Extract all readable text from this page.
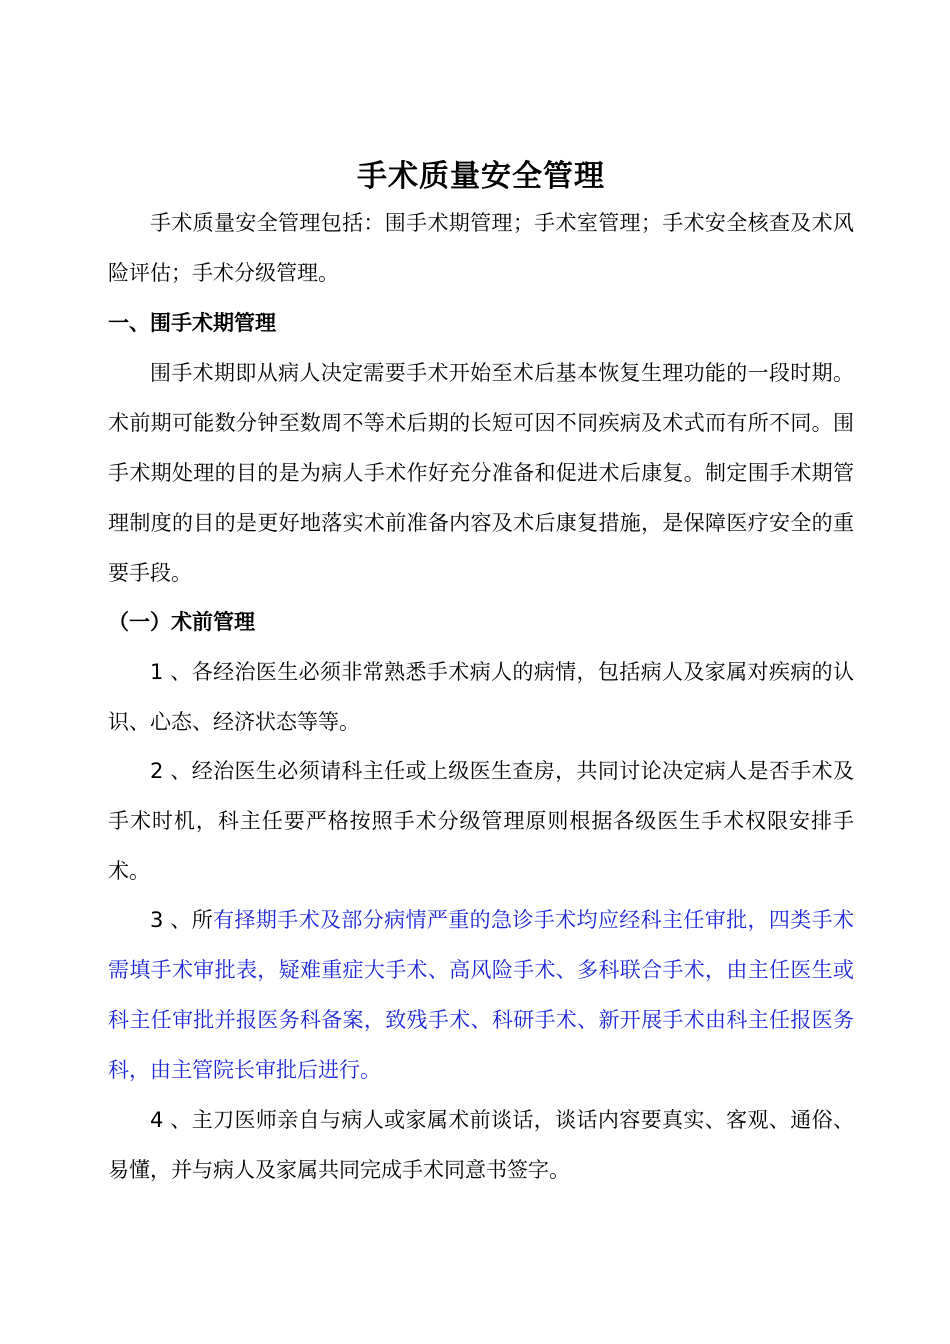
手术质量安全管理

手术质量安全管理包括：围手术期管理；手术室管理；手术安全核查及术风险评估；手术分级管理。

一、围手术期管理

围手术期即从病人决定需要手术开始至术后基本恢复生理功能的一段时期。术前期可能数分钟至数周不等术后期的长短可因不同疾病及术式而有所不同。围手术期处理的目的是为病人手术作好充分准备和促进术后康复。制定围手术期管理制度的目的是更好地落实术前准备内容及术后康复措施，是保障医疗安全的重要手段。

（一）术前管理

1 、各经治医生必须非常熟悉手术病人的病情，包括病人及家属对疾病的认识、心态、经济状态等等。

2 、经治医生必须请科主任或上级医生查房，共同讨论决定病人是否手术及手术时机，科主任要严格按照手术分级管理原则根据各级医生手术权限安排手术。

3 、所有择期手术及部分病情严重的急诊手术均应经科主任审批，四类手术需填手术审批表，疑难重症大手术、高风险手术、多科联合手术，由主任医生或科主任审批并报医务科备案，致残手术、科研手术、新开展手术由科主任报医务科，由主管院长审批后进行。

4 、主刀医师亲自与病人或家属术前谈话，谈话内容要真实、客观、通俗、易懂，并与病人及家属共同完成手术同意书签字。
